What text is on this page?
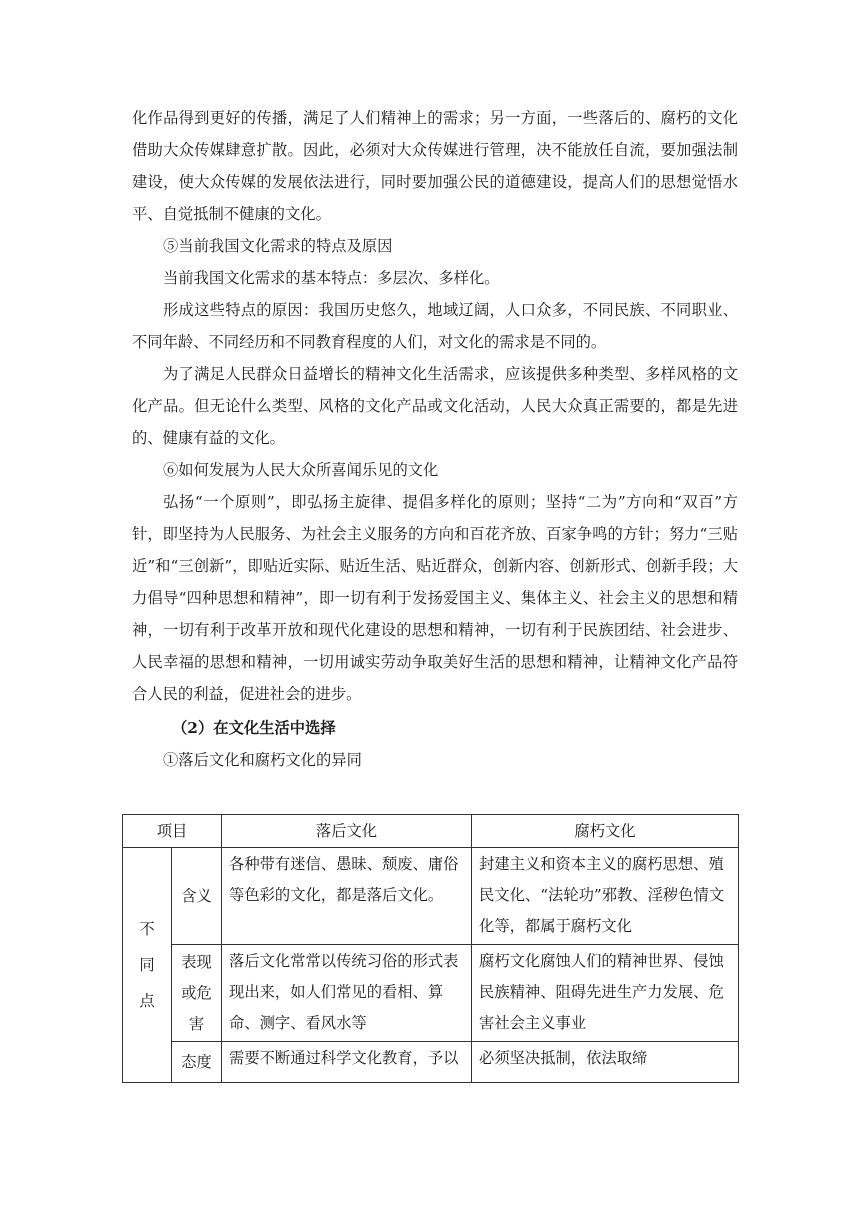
化作品得到更好的传播，满足了人们精神上的需求；另一方面，一些落后的、腐朽的文化借助大众传媒肆意扩散。因此，必须对大众传媒进行管理，决不能放任自流，要加强法制建设，使大众传媒的发展依法进行，同时要加强公民的道德建设，提高人们的思想觉悟水平、自觉抵制不健康的文化。

⑤当前我国文化需求的特点及原因

当前我国文化需求的基本特点：多层次、多样化。

形成这些特点的原因：我国历史悠久，地域辽阔，人口众多，不同民族、不同职业、不同年龄、不同经历和不同教育程度的人们，对文化的需求是不同的。

为了满足人民群众日益增长的精神文化生活需求，应该提供多种类型、多样风格的文化产品。但无论什么类型、风格的文化产品或文化活动，人民大众真正需要的，都是先进的、健康有益的文化。

⑥如何发展为人民大众所喜闻乐见的文化

弘扬“一个原则”，即弘扬主旋律、提倡多样化的原则；坚持“二为”方向和“双百”方针，即坚持为人民服务、为社会主义服务的方向和百花齐放、百家争鸣的方针；努力“三贴近”和“三创新”，即贴近实际、贴近生活、贴近群众，创新内容、创新形式、创新手段；大力倡导“四种思想和精神”，即一切有利于发扬爱国主义、集体主义、社会主义的思想和精神，一切有利于改革开放和现代化建设的思想和精神，一切有利于民族团结、社会进步、人民幸福的思想和精神，一切用诚实劳动争取美好生活的思想和精神，让精神文化产品符合人民的利益，促进社会的进步。

（2）在文化生活中选择

①落后文化和腐朽文化的异同

项目		落后文化	腐朽文化
不同点	含义	各种带有迷信、愚昧、颓废、庸俗等色彩的文化，都是落后文化。	封建主义和资本主义的腐朽思想、殖民文化、“法轮功”邪教、淫秽色情文化等，都属于腐朽文化
	表现或危害	落后文化常常以传统习俗的形式表现出来，如人们常见的看相、算命、测字、看风水等	腐朽文化腐蚀人们的精神世界、侵蚀民族精神、阻碍先进生产力发展、危害社会主义事业
	态度	需要不断通过科学文化教育，予以	必须坚决抵制，依法取缔
